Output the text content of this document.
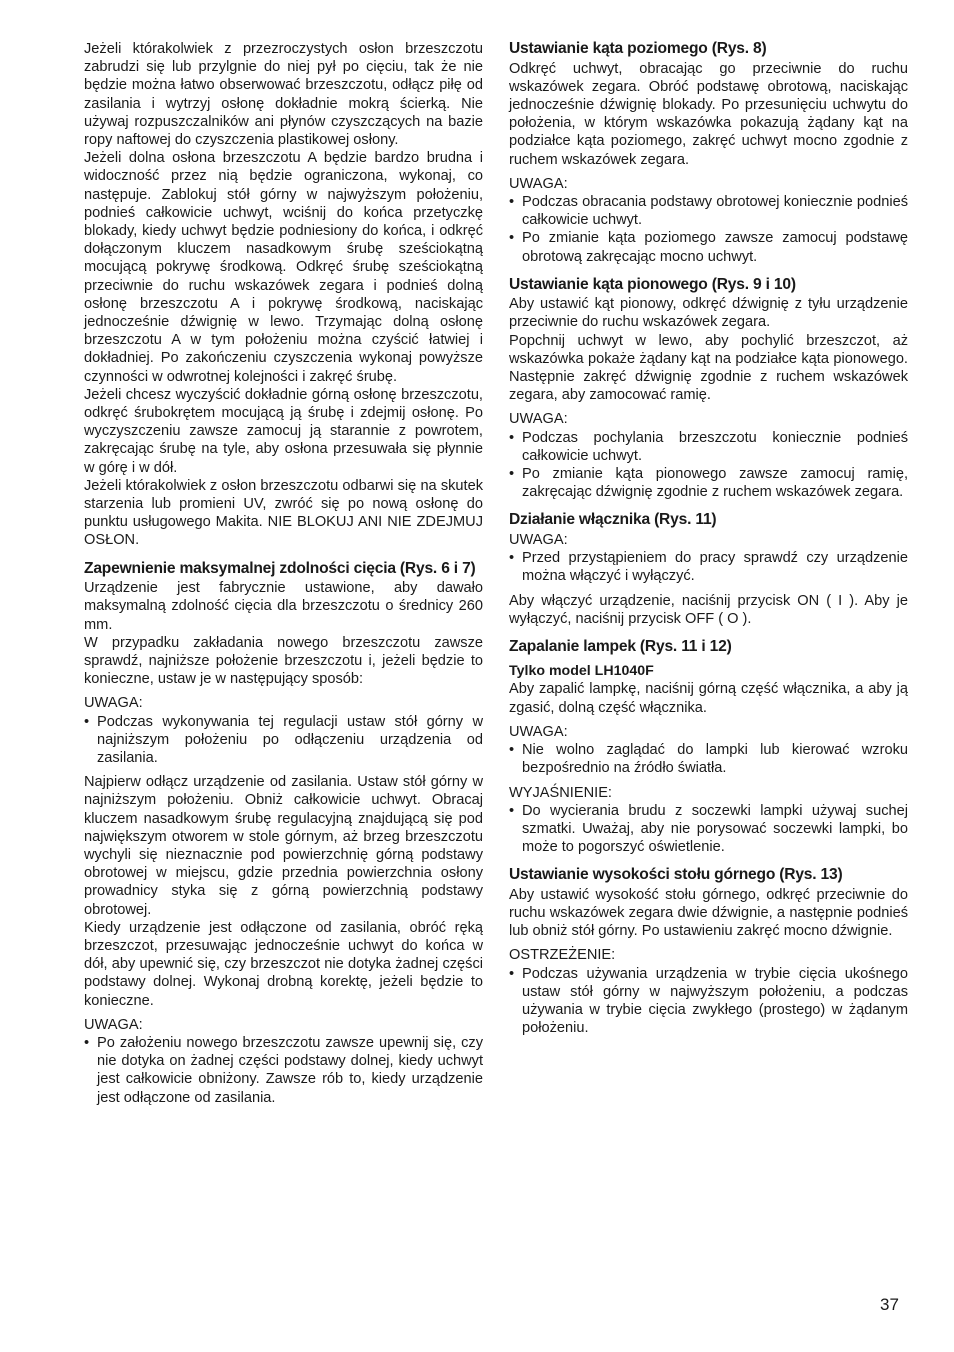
Jeżeli którakolwiek z przezroczystych osłon brzeszczotu zabrudzi się lub przylgnie do niej pył po cięciu, tak że nie będzie można łatwo obserwować brzeszczotu, odłącz piłę od zasilania i wytrzyj osłonę dokładnie mokrą ścierką. Nie używaj rozpuszczalników ani płynów czyszczących na bazie ropy naftowej do czyszczenia plastikowej osłony.

Jeżeli dolna osłona brzeszczotu A będzie bardzo brudna i widoczność przez nią będzie ograniczona, wykonaj, co następuje. Zablokuj stół górny w najwyższym położeniu, podnieś całkowicie uchwyt, wciśnij do końca przetyczkę blokady, kiedy uchwyt będzie podniesiony do końca, i odkręć dołączonym kluczem nasadkowym śrubę sześciokątną mocującą pokrywę środkową. Odkręć śrubę sześciokątną przeciwnie do ruchu wskazówek zegara i podnieś dolną osłonę brzeszczotu A i pokrywę środkową, naciskając jednocześnie dźwignię w lewo. Trzymając dolną osłonę brzeszczotu A w tym położeniu można czyścić łatwiej i dokładniej. Po zakończeniu czyszczenia wykonaj powyższe czynności w odwrotnej kolejności i zakręć śrubę.

Jeżeli chcesz wyczyścić dokładnie górną osłonę brzeszczotu, odkręć śrubokrętem mocującą ją śrubę i zdejmij osłonę. Po wyczyszczeniu zawsze zamocuj ją starannie z powrotem, zakręcając śrubę na tyle, aby osłona przesuwała się płynnie w górę i w dół.

Jeżeli którakolwiek z osłon brzeszczotu odbarwi się na skutek starzenia lub promieni UV, zwróć się po nową osłonę do punktu usługowego Makita. NIE BLOKUJ ANI NIE ZDEJMUJ OSŁON.

Zapewnienie maksymalnej zdolności cięcia (Rys. 6 i 7)

Urządzenie jest fabrycznie ustawione, aby dawało maksymalną zdolność cięcia dla brzeszczotu o średnicy 260 mm.

W przypadku zakładania nowego brzeszczotu zawsze sprawdź, najniższe położenie brzeszczotu i, jeżeli będzie to konieczne, ustaw je w następujący sposób:

UWAGA:

• Podczas wykonywania tej regulacji ustaw stół górny w najniższym położeniu po odłączeniu urządzenia od zasilania.

Najpierw odłącz urządzenie od zasilania. Ustaw stół górny w najniższym położeniu. Obniż całkowicie uchwyt. Obracaj kluczem nasadkowym śrubę regulacyjną znajdującą się pod największym otworem w stole górnym, aż brzeg brzeszczotu wychyli się nieznacznie pod powierzchnię górną podstawy obrotowej w miejscu, gdzie przednia powierzchnia osłony prowadnicy styka się z górną powierzchnią podstawy obrotowej.

Kiedy urządzenie jest odłączone od zasilania, obróć ręką brzeszczot, przesuwając jednocześnie uchwyt do końca w dół, aby upewnić się, czy brzeszczot nie dotyka żadnej części podstawy dolnej. Wykonaj drobną korektę, jeżeli będzie to konieczne.

UWAGA:

• Po założeniu nowego brzeszczotu zawsze upewnij się, czy nie dotyka on żadnej części podstawy dolnej, kiedy uchwyt jest całkowicie obniżony. Zawsze rób to, kiedy urządzenie jest odłączone od zasilania.
Ustawianie kąta poziomego (Rys. 8)

Odkręć uchwyt, obracając go przeciwnie do ruchu wskazówek zegara. Obróć podstawę obrotową, naciskając jednocześnie dźwignię blokady. Po przesunięciu uchwytu do położenia, w którym wskazówka pokazują żądany kąt na podziałce kąta poziomego, zakręć uchwyt mocno zgodnie z ruchem wskazówek zegara.

UWAGA:

• Podczas obracania podstawy obrotowej koniecznie podnieś całkowicie uchwyt.
• Po zmianie kąta poziomego zawsze zamocuj podstawę obrotową zakręcając mocno uchwyt.
Ustawianie kąta pionowego (Rys. 9 i 10)

Aby ustawić kąt pionowy, odkręć dźwignię z tyłu urządzenie przeciwnie do ruchu wskazówek zegara.

Popchnij uchwyt w lewo, aby pochylić brzeszczot, aż wskazówka pokaże żądany kąt na podziałce kąta pionowego. Następnie zakręć dźwignię zgodnie z ruchem wskazówek zegara, aby zamocować ramię.

UWAGA:

• Podczas pochylania brzeszczotu koniecznie podnieś całkowicie uchwyt.
• Po zmianie kąta pionowego zawsze zamocuj ramię, zakręcając dźwignię zgodnie z ruchem wskazówek zegara.
Działanie włącznika (Rys. 11)

UWAGA:

• Przed przystąpieniem do pracy sprawdź czy urządzenie można włączyć i wyłączyć.

Aby włączyć urządzenie, naciśnij przycisk ON ( I ). Aby je wyłączyć, naciśnij przycisk OFF ( O ).

Zapalanie lampek (Rys. 11 i 12)
Tylko model LH1040F

Aby zapalić lampkę, naciśnij górną część włącznika, a aby ją zgasić, dolną część włącznika.

UWAGA:

• Nie wolno zaglądać do lampki lub kierować wzroku bezpośrednio na źródło światła.

WYJAŚNIENIE:

• Do wycierania brudu z soczewki lampki używaj suchej szmatki. Uważaj, aby nie porysować soczewki lampki, bo może to pogorszyć oświetlenie.
Ustawianie wysokości stołu górnego (Rys. 13)

Aby ustawić wysokość stołu górnego, odkręć przeciwnie do ruchu wskazówek zegara dwie dźwignie, a następnie podnieś lub obniż stół górny. Po ustawieniu zakręć mocno dźwignie.

OSTRZEŻENIE:

• Podczas używania urządzenia w trybie cięcia ukośnego ustaw stół górny w najwyższym położeniu, a podczas używania w trybie cięcia zwykłego (prostego) w żądanym położeniu.
37
